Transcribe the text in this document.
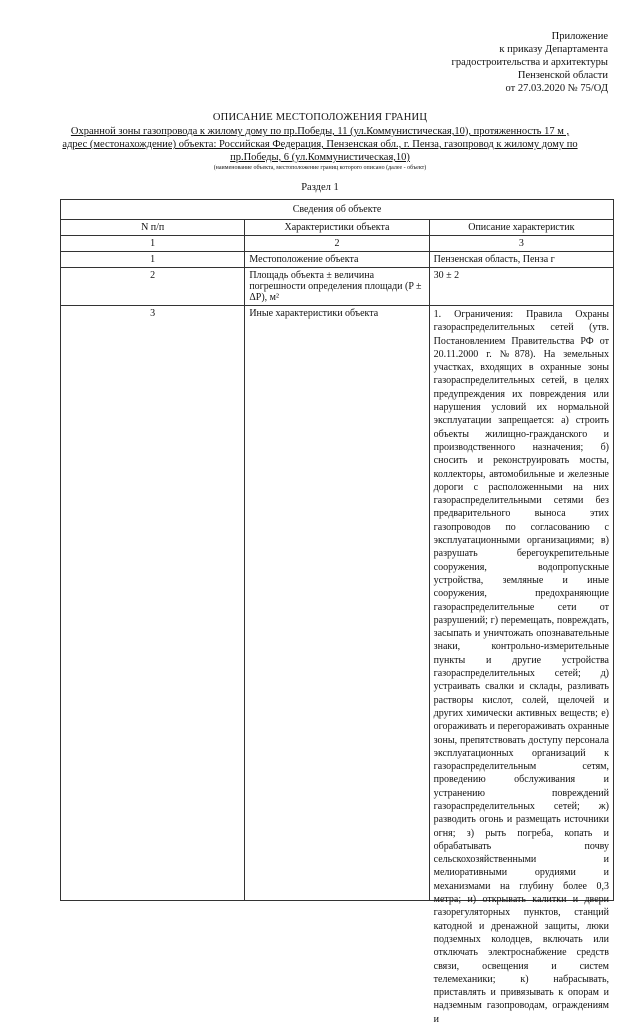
Приложение
к приказу Департамента
градостроительства и архитектуры
Пензенской области
от 27.03.2020 № 75/ОД
ОПИСАНИЕ МЕСТОПОЛОЖЕНИЯ ГРАНИЦ
Охранной зоны газопровода к жилому дому по пр.Победы, 11 (ул.Коммунистическая,10), протяженность 17 м , адрес (местонахождение) объекта: Российская Федерация, Пензенская обл., г. Пенза, газопровод к жилому дому по пр.Победы, 6 (ул.Коммунистическая,10)
(наименование объекта, местоположение границ которого описано (далее - объект)
Раздел 1
Сведения об объекте		
N п/п	Характеристики объекта	Описание характеристик
1	2	3
1	Местоположение объекта	Пензенская область, Пенза г
2	Площадь объекта ± величина погрешности определения площади (P ± ΔP), м²	30 ± 2
3	Иные характеристики объекта	1. Ограничения: Правила Охраны газораспределительных сетей (утв. Постановлением Правительства РФ от 20.11.2000 г. №878). На земельных участках, входящих в охранные зоны газораспределительных сетей, в целях предупреждения их повреждения или нарушения условий их нормальной эксплуатации запрещается: а) строить объекты жилищно-гражданского и производственного назначения; б) сносить и реконструировать мосты, коллекторы, автомобильные и железные дороги с расположенными на них газораспределительными сетями без предварительного выноса этих газопроводов по согласованию с эксплуатационными организациями; в) разрушать берегоукрепительные сооружения, водопропускные устройства, земляные и иные сооружения, предохраняющие газораспределительные сети от разрушений; г) перемещать, повреждать, засыпать и уничтожать опознавательные знаки, контрольно-измерительные пункты и другие устройства газораспределительных сетей; д) устраивать свалки и склады, разливать растворы кислот, солей, щелочей и других химически активных веществ; е) огораживать и перегораживать охранные зоны, препятствовать доступу персонала эксплуатационных организаций к газораспределительным сетям, проведению обслуживания и устранению повреждений газораспределительных сетей; ж) разводить огонь и размещать источники огня; з) рыть погреба, копать и обрабатывать почву сельскохозяйственными и мелиоративными орудиями и механизмами на глубину более 0,3 метра; и) открывать калитки и двери газорегуляторных пунктов, станций катодной и дренажной защиты, люки подземных колодцев, включать или отключать электроснабжение средств связи, освещения и систем телемеханики; к) набрасывать, приставлять и привязывать к опорам и надземным газопроводам, ограждениям и
